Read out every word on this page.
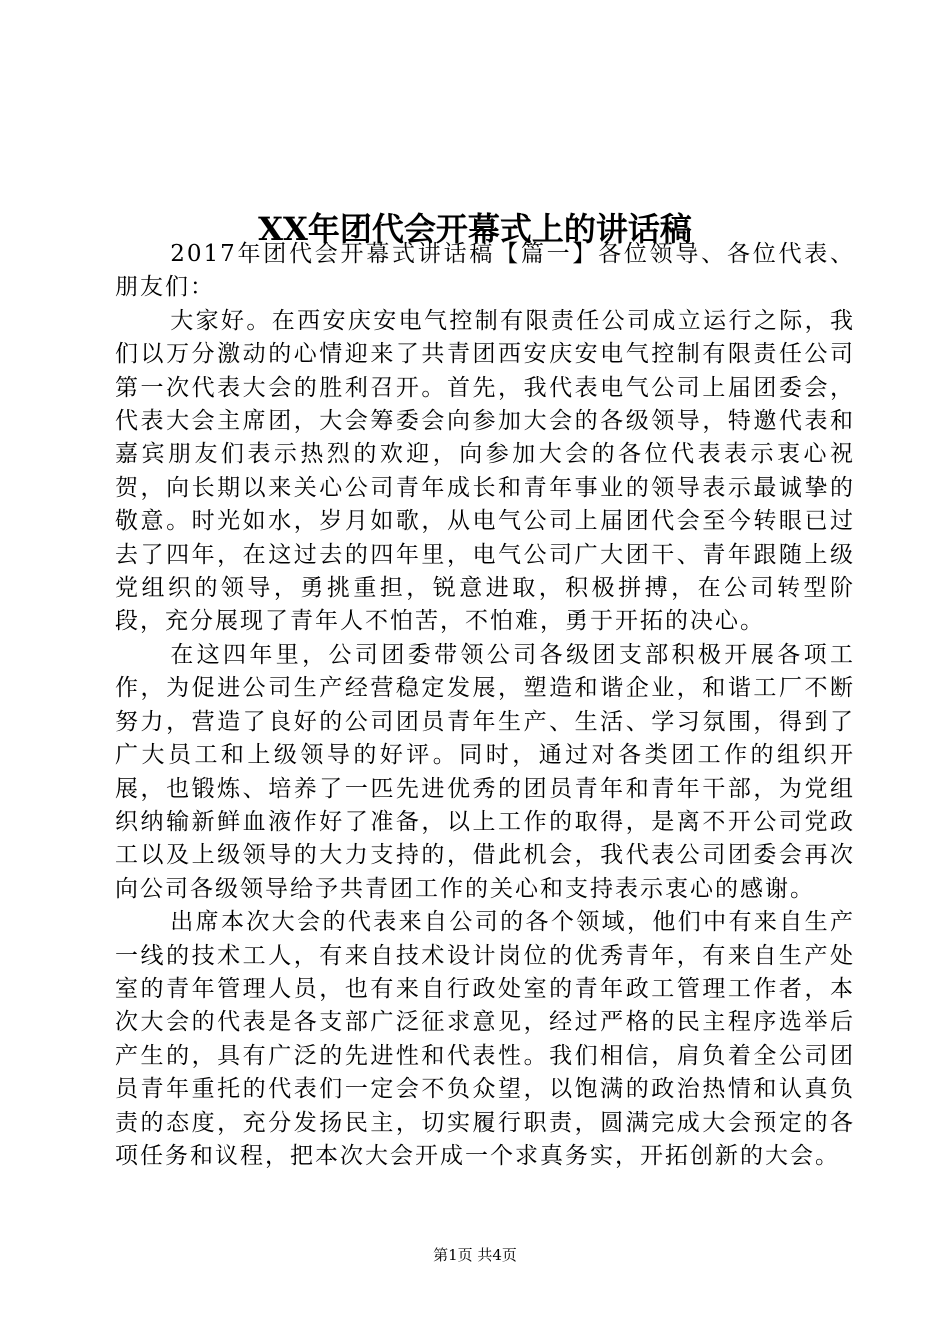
XX年团代会开幕式上的讲话稿

2017年团代会开幕式讲话稿【篇一】各位领导、各位代表、朋友们：

大家好。在西安庆安电气控制有限责任公司成立运行之际，我们以万分激动的心情迎来了共青团西安庆安电气控制有限责任公司第一次代表大会的胜利召开。首先，我代表电气公司上届团委会，代表大会主席团，大会筹委会向参加大会的各级领导，特邀代表和嘉宾朋友们表示热烈的欢迎，向参加大会的各位代表表示衷心祝贺，向长期以来关心公司青年成长和青年事业的领导表示最诚挚的敬意。时光如水，岁月如歌，从电气公司上届团代会至今转眼已过去了四年，在这过去的四年里，电气公司广大团干、青年跟随上级党组织的领导，勇挑重担，锐意进取，积极拼搏，在公司转型阶段，充分展现了青年人不怕苦，不怕难，勇于开拓的决心。

在这四年里，公司团委带领公司各级团支部积极开展各项工作，为促进公司生产经营稳定发展，塑造和谐企业，和谐工厂不断努力，营造了良好的公司团员青年生产、生活、学习氛围，得到了广大员工和上级领导的好评。同时，通过对各类团工作的组织开展，也锻炼、培养了一匹先进优秀的团员青年和青年干部，为党组织纳输新鲜血液作好了准备，以上工作的取得，是离不开公司党政工以及上级领导的大力支持的，借此机会，我代表公司团委会再次向公司各级领导给予共青团工作的关心和支持表示衷心的感谢。

出席本次大会的代表来自公司的各个领域，他们中有来自生产一线的技术工人，有来自技术设计岗位的优秀青年，有来自生产处室的青年管理人员，也有来自行政处室的青年政工管理工作者，本次大会的代表是各支部广泛征求意见，经过严格的民主程序选举后产生的，具有广泛的先进性和代表性。我们相信，肩负着全公司团员青年重托的代表们一定会不负众望，以饱满的政治热情和认真负责的态度，充分发扬民主，切实履行职责，圆满完成大会预定的各项任务和议程，把本次大会开成一个求真务实，开拓创新的大会。

第1页 共4页
